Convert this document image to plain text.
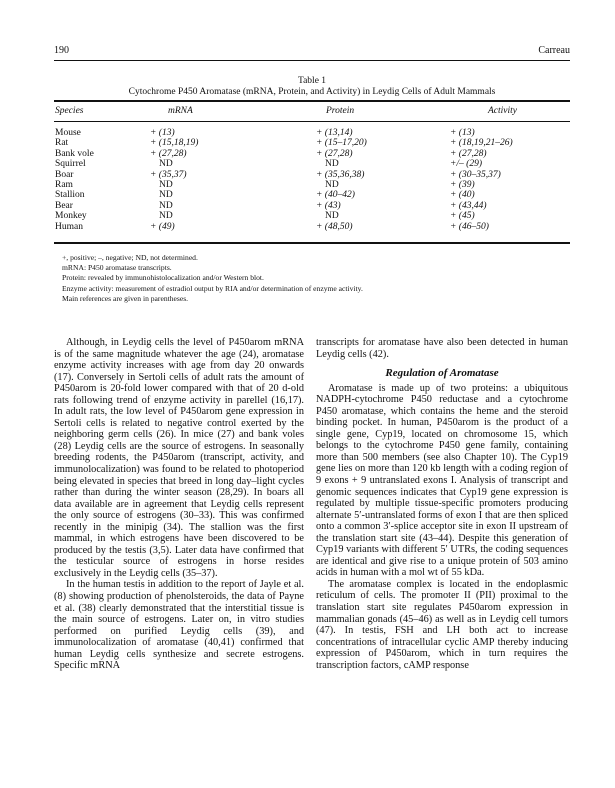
190	Carreau
Table 1
Cytochrome P450 Aromatase (mRNA, Protein, and Activity) in Leydig Cells of Adult Mammals
Species	mRNA	Protein	Activity
Mouse	+ (13)	+ (13,14)	+ (13)
Rat	+ (15,18,19)	+ (15–17,20)	+ (18,19,21–26)
Bank vole	+ (27,28)	+ (27,28)	+ (27,28)
Squirrel	ND	ND	+/– (29)
Boar	+ (35,37)	+ (35,36,38)	+ (30–35,37)
Ram	ND	ND	+ (39)
Stallion	ND	+ (40–42)	+ (40)
Bear	ND	+ (43)	+ (43,44)
Monkey	ND	ND	+ (45)
Human	+ (49)	+ (48,50)	+ (46–50)
+, positive; –, negative; ND, not determined.
mRNA: P450 aromatase transcripts.
Protein: revealed by immunohistolocalization and/or Western blot.
Enzyme activity: measurement of estradiol output by RIA and/or determination of enzyme activity.
Main references are given in parentheses.

Although, in Leydig cells the level of P450arom mRNA is of the same magnitude whatever the age (24), aromatase enzyme activity increases with age from day 20 onwards (17). Conversely in Sertoli cells of adult rats the amount of P450arom is 20-fold lower compared with that of 20 d-old rats following trend of enzyme activity in parellel (16,17). In adult rats, the low level of P450arom gene expression in Sertoli cells is related to negative control exerted by the neighboring germ cells (26). In mice (27) and bank voles (28) Leydig cells are the source of estrogens. In seasonally breeding rodents, the P450arom (transcript, activity, and immunolocalization) was found to be related to photoperiod being elevated in species that breed in long day–light cycles rather than during the winter season (28,29). In boars all data available are in agreement that Leydig cells represent the only source of estrogens (30–33). This was confirmed recently in the minipig (34). The stallion was the first mammal, in which estrogens have been discovered to be produced by the testis (3,5). Later data have confirmed that the testicular source of estrogens in horse resides exclusively in the Leydig cells (35–37).

In the human testis in addition to the report of Jayle et al. (8) showing production of phenolsteroids, the data of Payne et al. (38) clearly demonstrated that the interstitial tissue is the main source of estrogens. Later on, in vitro studies performed on purified Leydig cells (39), and immunolocalization of aromatase (40,41) confirmed that human Leydig cells synthesize and secrete estrogens. Specific mRNA

transcripts for aromatase have also been detected in human Leydig cells (42).

Regulation of Aromatase

Aromatase is made up of two proteins: a ubiquitous NADPH-cytochrome P450 reductase and a cytochrome P450 aromatase, which contains the heme and the steroid binding pocket. In human, P450arom is the product of a single gene, Cyp19, located on chromosome 15, which belongs to the cytochrome P450 gene family, containing more than 500 members (see also Chapter 10). The Cyp19 gene lies on more than 120 kb length with a coding region of 9 exons + 9 untranslated exons I. Analysis of transcript and genomic sequences indicates that Cyp19 gene expression is regulated by multiple tissue-specific promoters producing alternate 5′-untranslated forms of exon I that are then spliced onto a common 3′-splice acceptor site in exon II upstream of the translation start site (43–44). Despite this generation of Cyp19 variants with different 5′ UTRs, the coding sequences are identical and give rise to a unique protein of 503 amino acids in human with a mol wt of 55 kDa.

The aromatase complex is located in the endoplasmic reticulum of cells. The promoter II (PII) proximal to the translation start site regulates P450arom expression in mammalian gonads (45–46) as well as in Leydig cell tumors (47). In testis, FSH and LH both act to increase concentrations of intracellular cyclic AMP thereby inducing expression of P450arom, which in turn requires the transcription factors, cAMP response
